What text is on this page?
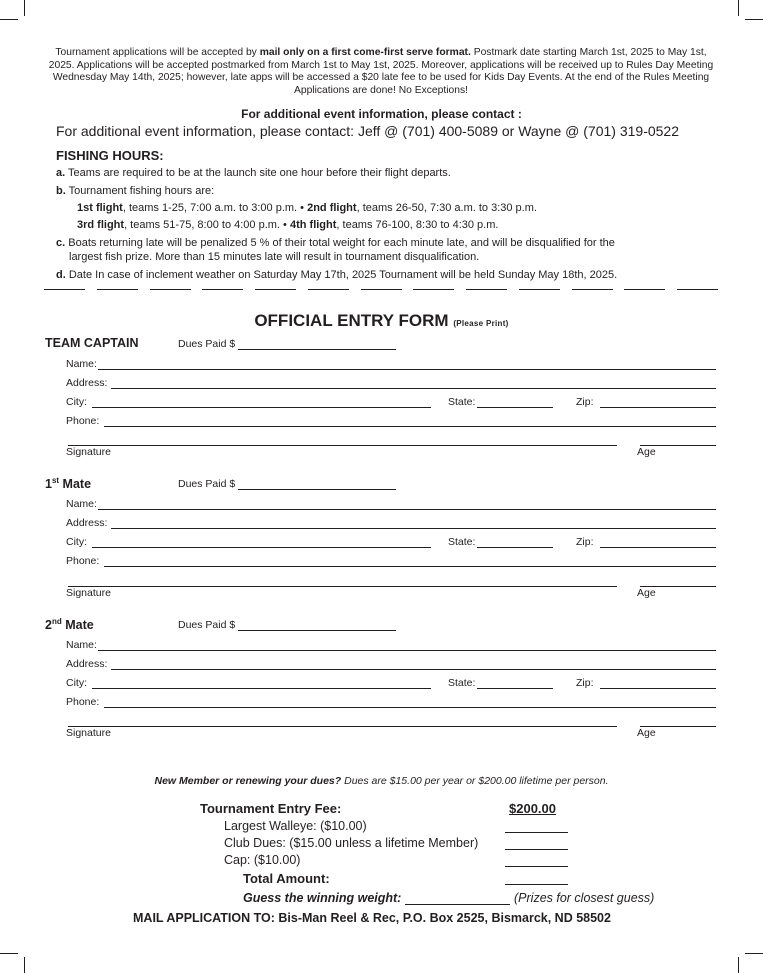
Tournament applications will be accepted by mail only on a first come-first serve format. Postmark date starting March 1st, 2025 to May 1st, 2025. Applications will be accepted postmarked from March 1st to May 1st, 2025. Moreover, applications will be received up to Rules Day Meeting Wednesday May 14th, 2025; however, late apps will be accessed a $20 late fee to be used for Kids Day Events. At the end of the Rules Meeting Applications are done! No Exceptions!
For additional event information, please contact :
For additional event information, please contact: Jeff @ (701) 400-5089 or Wayne @ (701) 319-0522
FISHING HOURS:
a. Teams are required to be at the launch site one hour before their flight departs.
b. Tournament fishing hours are:
1st flight, teams 1-25, 7:00 a.m. to 3:00 p.m. • 2nd flight, teams 26-50, 7:30 a.m. to 3:30 p.m.
3rd flight, teams 51-75, 8:00 to 4:00 p.m. • 4th flight, teams 76-100, 8:30 to 4:30 p.m.
c. Boats returning late will be penalized 5 % of their total weight for each minute late, and will be disqualified for the
largest fish prize. More than 15 minutes late will result in tournament disqualification.
d. Date In case of inclement weather on Saturday May 17th, 2025 Tournament will be held Sunday May 18th, 2025.
OFFICIAL ENTRY FORM (Please Print)
TEAM CAPTAIN	Dues Paid $
Name:
Address:
City:	State:	Zip:
Phone:
Signature	Age
1st Mate	Dues Paid $
Name:
Address:
City:	State:	Zip:
Phone:
Signature	Age
2nd Mate	Dues Paid $
Name:
Address:
City:	State:	Zip:
Phone:
Signature	Age
New Member or renewing your dues? Dues are $15.00 per year or $200.00 lifetime per person.
Tournament Entry Fee:	$200.00
Largest Walleye: ($10.00)
Club Dues: ($15.00 unless a lifetime Member)
Cap: ($10.00)
Total Amount:
Guess the winning weight:	(Prizes for closest guess)
MAIL APPLICATION TO: Bis-Man Reel & Rec, P.O. Box 2525, Bismarck, ND 58502
